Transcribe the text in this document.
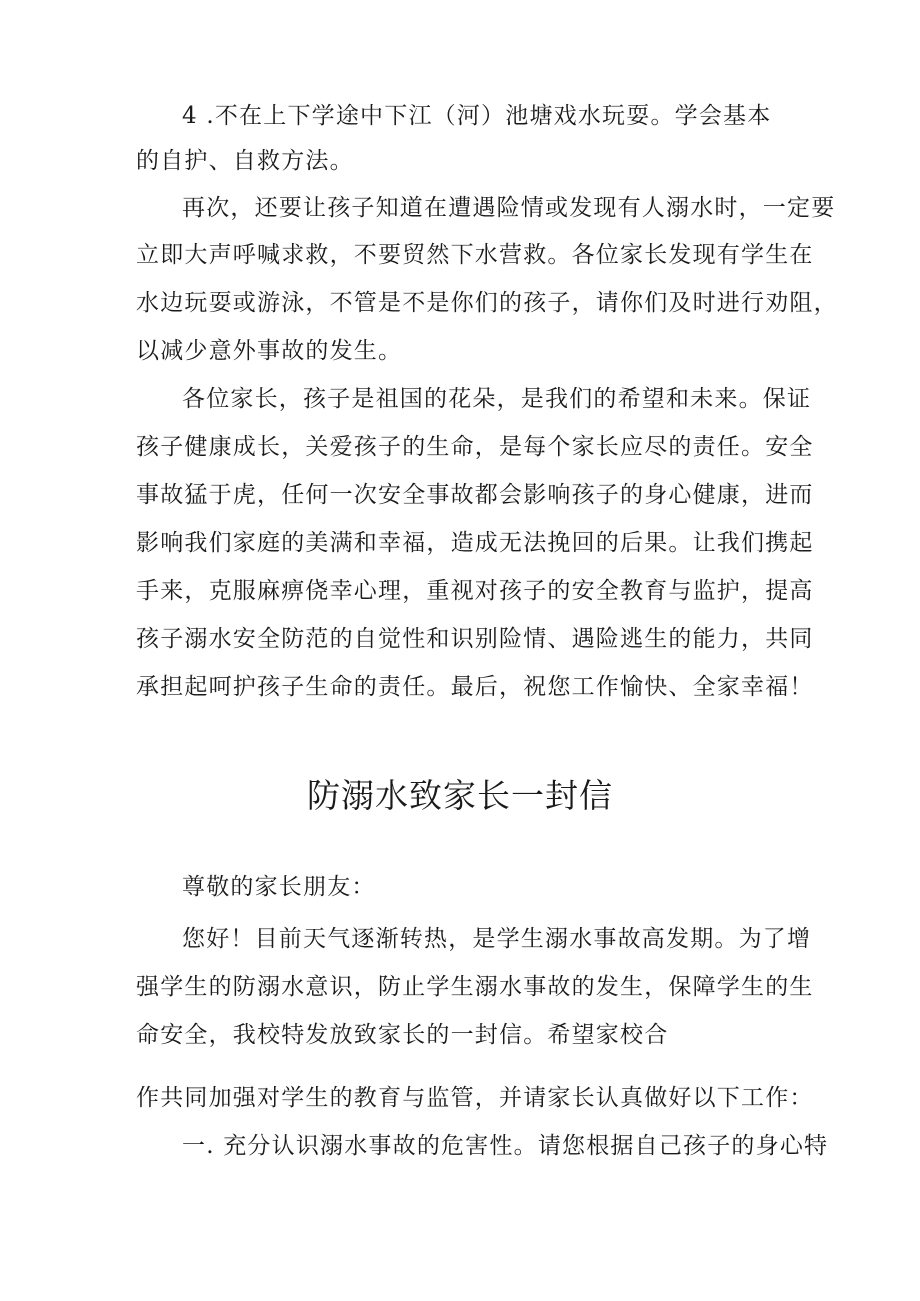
4 .不在上下学途中下江（河）池塘戏水玩耍。学会基本
的自护、自救方法。
再次，还要让孩子知道在遭遇险情或发现有人溺水时，一定要
立即大声呼喊求救，不要贸然下水营救。各位家长发现有学生在
水边玩耍或游泳，不管是不是你们的孩子，请你们及时进行劝阻，
以减少意外事故的发生。
各位家长，孩子是祖国的花朵，是我们的希望和未来。保证
孩子健康成长，关爱孩子的生命，是每个家长应尽的责任。安全
事故猛于虎，任何一次安全事故都会影响孩子的身心健康，进而
影响我们家庭的美满和幸福，造成无法挽回的后果。让我们携起
手来，克服麻痹侥幸心理，重视对孩子的安全教育与监护，提高
孩子溺水安全防范的自觉性和识别险情、遇险逃生的能力，共同
承担起呵护孩子生命的责任。最后，祝您工作愉快、全家幸福！
防溺水致家长一封信
尊敬的家长朋友：
您好！目前天气逐渐转热，是学生溺水事故高发期。为了增
强学生的防溺水意识，防止学生溺水事故的发生，保障学生的生
命安全，我校特发放致家长的一封信。希望家校合
作共同加强对学生的教育与监管，并请家长认真做好以下工作：
一. 充分认识溺水事故的危害性。请您根据自己孩子的身心特
